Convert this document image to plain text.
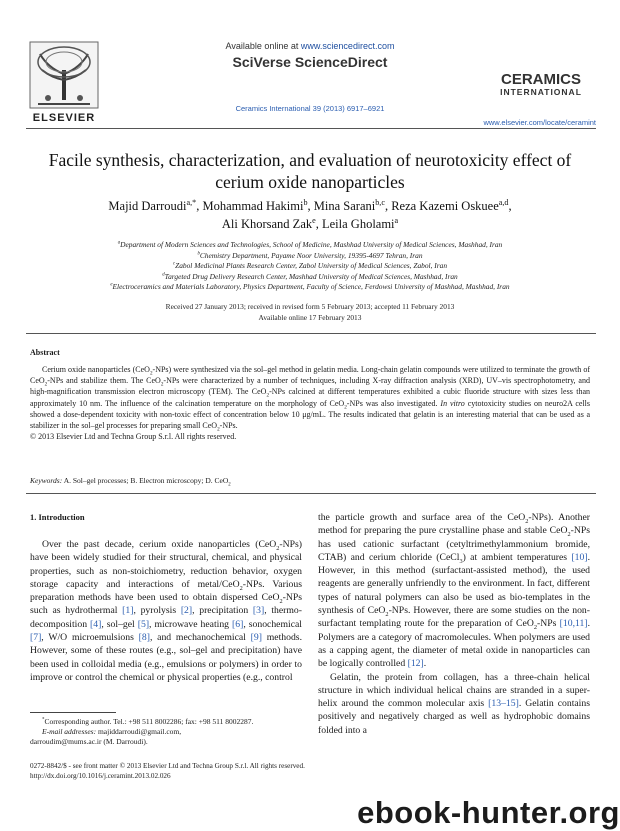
ELSEVIER
Available online at www.sciencedirect.com
SciVerse ScienceDirect
Ceramics International 39 (2013) 6917–6921
CERAMICS
INTERNATIONAL
www.elsevier.com/locate/ceramint
Facile synthesis, characterization, and evaluation of neurotoxicity effect of cerium oxide nanoparticles
Majid Darroudi$^{a,*}$, Mohammad Hakimi$^b$, Mina Sarani$^{b,c}$, Reza Kazemi Oskuee$^{a,d}$,
Ali Khorsand Zak$^e$, Leila Gholami$^a$
$^a$Department of Modern Sciences and Technologies, School of Medicine, Mashhad University of Medical Sciences, Mashhad, Iran
$^b$Chemistry Department, Payame Noor University, 19395-4697 Tehran, Iran
$^c$Zabol Medicinal Plants Research Center, Zabol University of Medical Sciences, Zabol, Iran
$^d$Targeted Drug Delivery Research Center, Mashhad University of Medical Sciences, Mashhad, Iran
$^e$Electroceramics and Materials Laboratory, Physics Department, Faculty of Science, Ferdowsi University of Mashhad, Mashhad, Iran
Received 27 January 2013; received in revised form 5 February 2013; accepted 11 February 2013
Available online 17 February 2013
Abstract
Cerium oxide nanoparticles (CeO$_2$-NPs) were synthesized via the sol–gel method in gelatin media. Long-chain gelatin compounds were utilized to terminate the growth of CeO$_2$-NPs and stabilize them. The CeO$_2$-NPs were characterized by a number of techniques, including X-ray diffraction analysis (XRD), UV–vis spectrophotometry, and high-magnification transmission electron microscopy (TEM). The CeO$_2$-NPs calcined at different temperatures exhibited a cubic fluoride structure with sizes less than approximately 10 nm. The influence of the calcination temperature on the morphology of CeO$_2$-NPs was also investigated. In vitro cytotoxicity studies on neuro2A cells showed a dose-dependent toxicity with non-toxic effect of concentration below 10 μg/mL. The results indicated that gelatin is an interesting material that can be used as a stabilizer in the sol–gel processes for preparing small CeO$_2$-NPs.
© 2013 Elsevier Ltd and Techna Group S.r.l. All rights reserved.
Keywords: A. Sol–gel processes; B. Electron microscopy; D. CeO$_2$
1. Introduction

Over the past decade, cerium oxide nanoparticles (CeO$_2$-NPs) have been widely studied for their structural, chemical, and physical properties, such as non-stoichiometry, reduction behavior, oxygen storage capacity and interactions of metal/CeO$_2$-NPs. Various preparation methods have been used to obtain dispersed CeO$_2$-NPs such as hydrothermal [1], pyrolysis [2], precipitation [3], thermo-decomposition [4], sol–gel [5], microwave heating [6], sonochemical [7], W/O microemulsions [8], and mechanochemical [9] methods. However, some of these routes (e.g., sol–gel and precipitation) have been used in colloidal media (e.g., emulsions or polymers) in order to improve or control the chemical or physical properties (e.g., control

the particle growth and surface area of the CeO$_2$-NPs). Another method for preparing the pure crystalline phase and stable CeO$_2$-NPs has used cationic surfactant (cetyltrimethylammonium bromide, CTAB) and cerium chloride (CeCl$_3$) at ambient temperatures [10]. However, in this method (surfactant-assisted method), the used reagents are generally unfriendly to the environment. In fact, different types of natural polymers can also be used as bio-templates in the synthesis of CeO$_2$-NPs. However, there are some studies on the non-surfactant templating route for the preparation of CeO$_2$-NPs [10,11]. Polymers are a category of macromolecules. When polymers are used as a capping agent, the diameter of metal oxide in nanoparticles can be logically controlled [12].

Gelatin, the protein from collagen, has a three-chain helical structure in which individual helical chains are stranded in a super-helix around the common molecular axis [13–15]. Gelatin contains positively and negatively charged as well as hydrophobic domains folded into a

*Corresponding author. Tel.: +98 511 8002286; fax: +98 511 8002287.
E-mail addresses: majiddarroudi@gmail.com,
darroudim@mums.ac.ir (M. Darroudi).
0272-8842/$ - see front matter © 2013 Elsevier Ltd and Techna Group S.r.l. All rights reserved.
http://dx.doi.org/10.1016/j.ceramint.2013.02.026
ebook-hunter.org
